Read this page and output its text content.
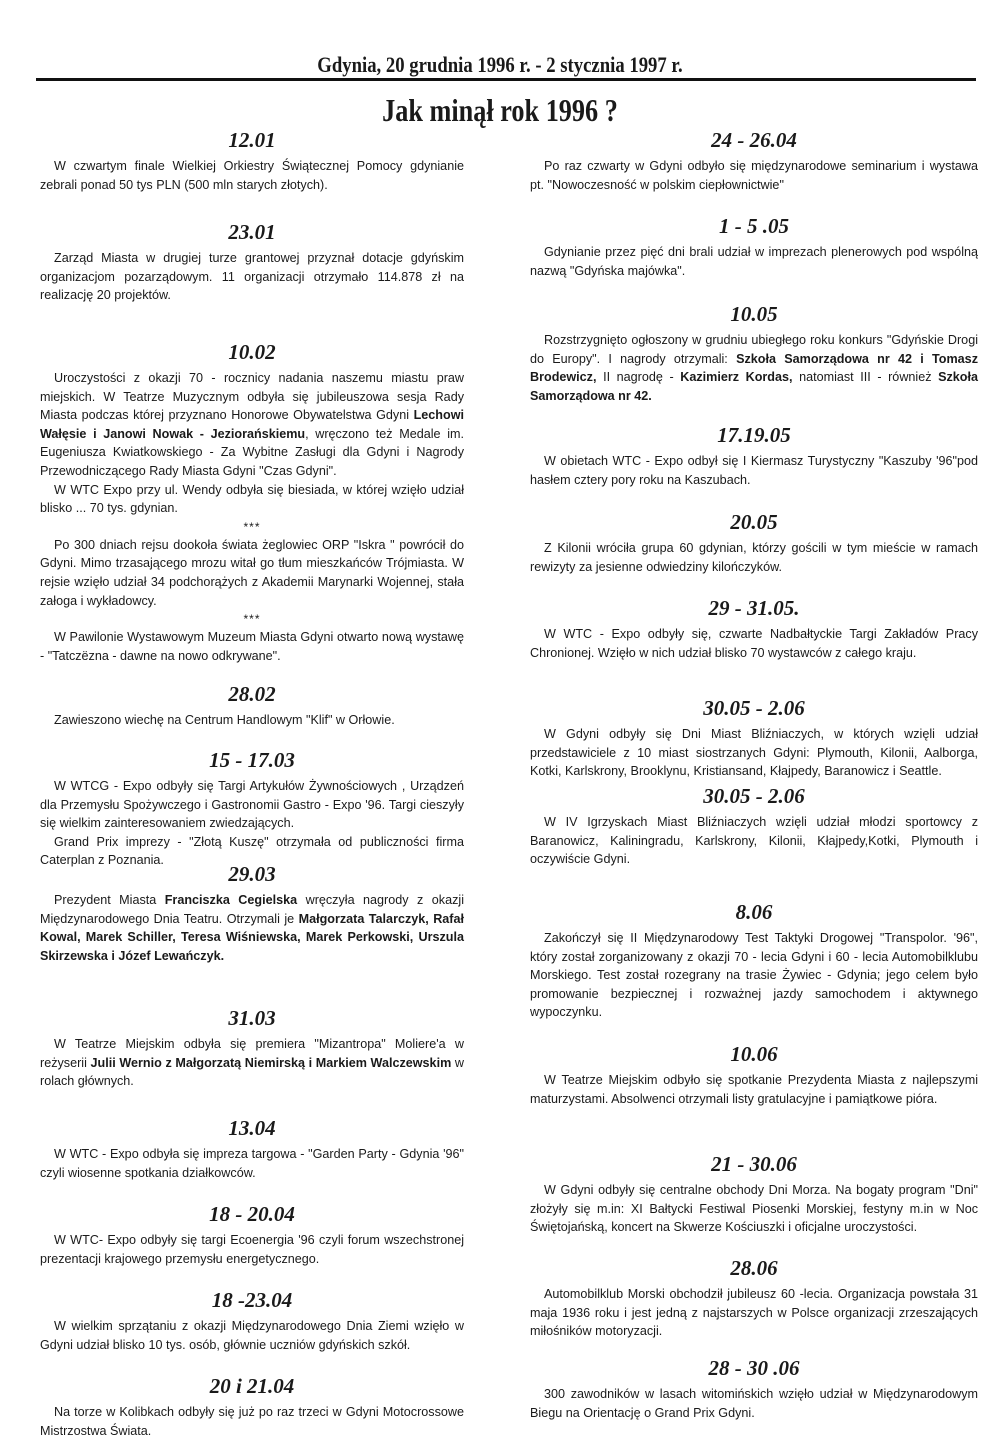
Gdynia, 20 grudnia 1996 r. - 2 stycznia 1997 r.
Jak minął rok 1996 ?
12.01

W czwartym finale Wielkiej Orkiestry Świątecznej Pomocy gdynianie zebrali ponad 50 tys PLN (500 mln starych złotych).

23.01

Zarząd Miasta w drugiej turze grantowej przyznał dotacje gdyńskim organizacjom pozarządowym. 11 organizacji otrzymało 114.878 zł na realizację 20 projektów.

10.02

Uroczystości z okazji 70 - rocznicy nadania naszemu miastu praw miejskich. W Teatrze Muzycznym odbyła się jubileuszowa sesja Rady Miasta podczas której przyznano Honorowe Obywatelstwa Gdyni Lechowi Wałęsie i Janowi Nowak - Jeziorańskiemu, wręczono też Medale im. Eugeniusza Kwiatkowskiego - Za Wybitne Zasługi dla Gdyni i Nagrody Przewodniczącego Rady Miasta Gdyni "Czas Gdyni".

W WTC Expo przy ul. Wendy odbyła się biesiada, w której wzięło udział blisko ... 70 tys. gdynian.

***

Po 300 dniach rejsu dookoła świata żeglowiec ORP "Iskra " powrócił do Gdyni. Mimo trzasającego mrozu witał go tłum mieszkańców Trójmiasta. W rejsie wzięło udział 34 podchorążych z Akademii Marynarki Wojennej, stała załoga i wykładowcy.

***

W Pawilonie Wystawowym Muzeum Miasta Gdyni otwarto nową wystawę - "Tatczëzna - dawne na nowo odkrywane".

28.02

Zawieszono wiechę na Centrum Handlowym "Klif" w Orłowie.

15 - 17.03

W WTCG - Expo odbyły się Targi Artykułów Żywnościowych , Urządzeń dla Przemysłu Spożywczego i Gastronomii Gastro - Expo '96. Targi cieszyły się wielkim zainteresowaniem zwiedzających.

Grand Prix imprezy - "Złotą Kuszę" otrzymała od publiczności firma Caterplan z Poznania.

29.03

Prezydent Miasta Franciszka Cegielska wręczyła nagrody z okazji Międzynarodowego Dnia Teatru. Otrzymali je Małgorzata Talarczyk, Rafał Kowal, Marek Schiller, Teresa Wiśniewska, Marek Perkowski, Urszula Skirzewska i Józef Lewańczyk.

31.03

W Teatrze Miejskim odbyła się premiera "Mizantropa" Moliere'a w reżyserii Julii Wernio z Małgorzatą Niemirską i Markiem Walczewskim w rolach głównych.

13.04

W WTC - Expo odbyła się impreza targowa - "Garden Party - Gdynia '96" czyli wiosenne spotkania działkowców.

18 - 20.04

W WTC- Expo odbyły się targi Ecoenergia '96 czyli forum wszechstronej prezentacji krajowego przemysłu energetycznego.

18 -23.04

W wielkim sprzątaniu z okazji Międzynarodowego Dnia Ziemi wzięło w Gdyni udział blisko 10 tys. osób, głównie uczniów gdyńskich szkół.

20 i 21.04

Na torze w Kolibkach odbyły się już po raz trzeci w Gdyni Motocrossowe Mistrzostwa Świata.

24 - 26.04

Po raz czwarty w Gdyni odbyło się międzynarodowe seminarium i wystawa pt. "Nowoczesność w polskim ciepłownictwie"

1 - 5 .05

Gdynianie przez pięć dni brali udział w imprezach plenerowych pod wspólną nazwą "Gdyńska majówka".

10.05

Rozstrzygnięto ogłoszony w grudniu ubiegłego roku konkurs "Gdyńskie Drogi do Europy". I nagrody otrzymali: Szkoła Samorządowa nr 42 i Tomasz Brodewicz, II nagrodę - Kazimierz Kordas, natomiast III - również Szkoła Samorządowa nr 42.

17.19.05

W obietach WTC - Expo odbył się I Kiermasz Turystyczny "Kaszuby '96"pod hasłem cztery pory roku na Kaszubach.

20.05

Z Kilonii wróciła grupa 60 gdynian, którzy gościli w tym mieście w ramach rewizyty za jesienne odwiedziny kilończyków.

29 - 31.05.

W WTC - Expo odbyły się, czwarte Nadbałtyckie Targi Zakładów Pracy Chronionej. Wzięło w nich udział blisko 70 wystawców z całego kraju.

30.05 - 2.06

W Gdyni odbyły się Dni Miast Bliźniaczych, w których wzięli udział przedstawiciele z 10 miast siostrzanych Gdyni: Plymouth, Kilonii, Aalborga, Kotki, Karlskrony, Brooklynu, Kristiansand, Kłajpedy, Baranowicz i Seattle.

30.05 - 2.06

W IV Igrzyskach Miast Bliźniaczych wzięli udział młodzi sportowcy z Baranowicz, Kaliningradu, Karlskrony, Kilonii, Kłajpedy,Kotki, Plymouth i oczywiście Gdyni.

8.06

Zakończył się II Międzynarodowy Test Taktyki Drogowej "Transpolor. '96", który został zorganizowany z okazji 70 - lecia Gdyni i 60 - lecia Automobilklubu Morskiego. Test został rozegrany na trasie Żywiec - Gdynia; jego celem było promowanie bezpiecznej i rozważnej jazdy samochodem i aktywnego wypoczynku.

10.06

W Teatrze Miejskim odbyło się spotkanie Prezydenta Miasta z najlepszymi maturzystami. Absolwenci otrzymali listy gratulacyjne i pamiątkowe pióra.

21 - 30.06

W Gdyni odbyły się centralne obchody Dni Morza. Na bogaty program "Dni" złożyły się m.in: XI Bałtycki Festiwal Piosenki Morskiej, festyny m.in w Noc Świętojańską, koncert na Skwerze Kościuszki i oficjalne uroczystości.

28.06

Automobilklub Morski obchodził jubileusz 60 -lecia. Organizacja powstała 31 maja 1936 roku i jest jedną z najstarszych w Polsce organizacji zrzeszających miłośników motoryzacji.

28 - 30 .06

300 zawodników w lasach witomińskich wzięło udział w Międzynarodowym Biegu na Orientację o Grand Prix Gdyni.
